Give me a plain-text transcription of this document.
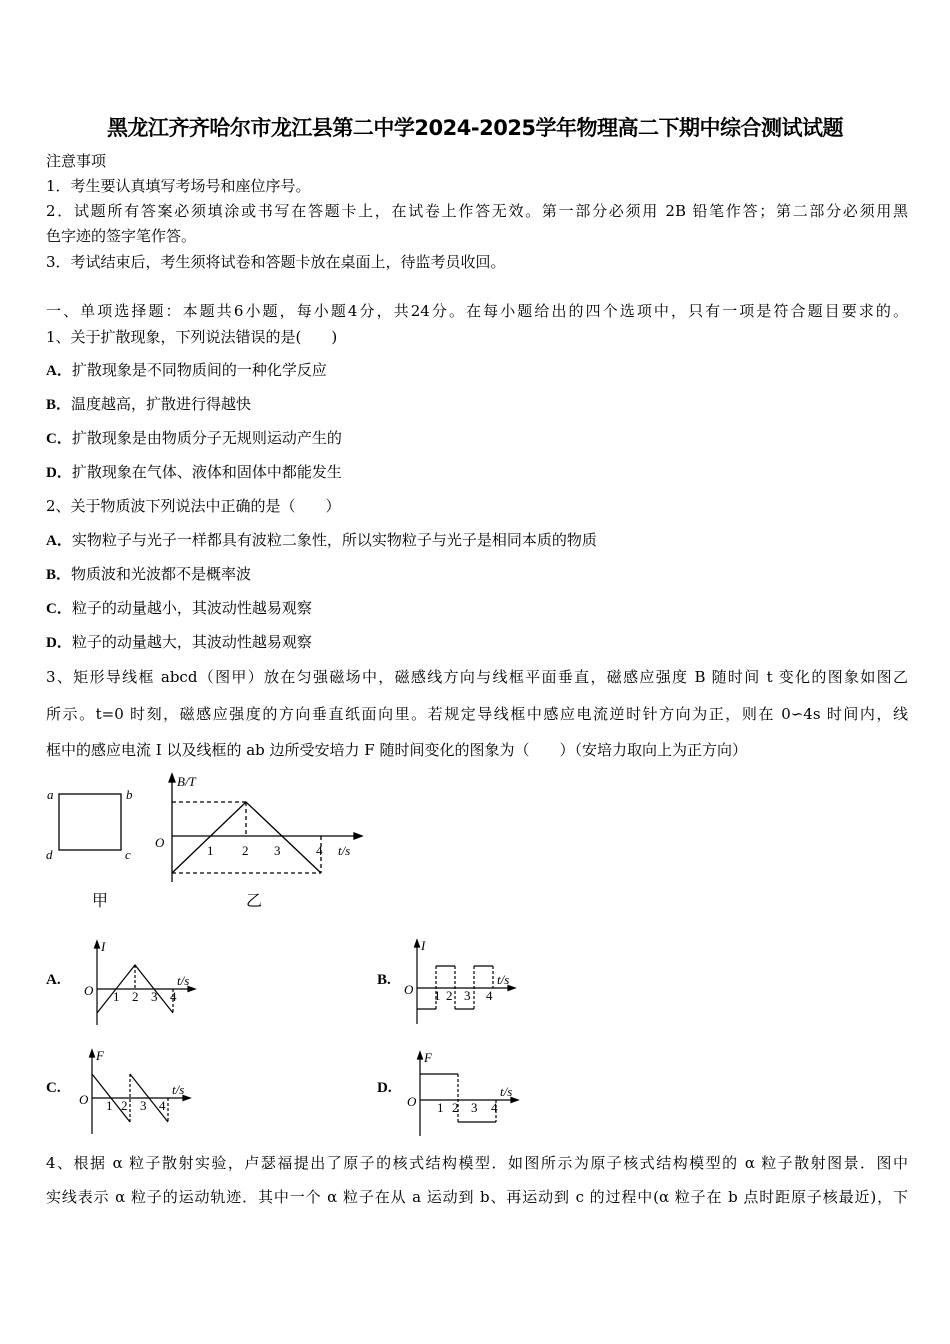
黑龙江齐齐哈尔市龙江县第二中学2024-2025学年物理高二下期中综合测试试题
注意事项
1．考生要认真填写考场号和座位序号。
2．试题所有答案必须填涂或书写在答题卡上，在试卷上作答无效。第一部分必须用 2B 铅笔作答；第二部分必须用黑
色字迹的签字笔作答。
3．考试结束后，考生须将试卷和答题卡放在桌面上，待监考员收回。
一、单项选择题：本题共6小题，每小题4分，共24分。在每小题给出的四个选项中，只有一项是符合题目要求的。
1、关于扩散现象，下列说法错误的是(　　)
A．扩散现象是不同物质间的一种化学反应
B．温度越高，扩散进行得越快
C．扩散现象是由物质分子无规则运动产生的
D．扩散现象在气体、液体和固体中都能发生
2、关于物质波下列说法中正确的是（　　）
A．实物粒子与光子一样都具有波粒二象性，所以实物粒子与光子是相同本质的物质
B．物质波和光波都不是概率波
C．粒子的动量越小，其波动性越易观察
D．粒子的动量越大，其波动性越易观察
3、矩形导线框 abcd（图甲）放在匀强磁场中，磁感线方向与线框平面垂直，磁感应强度 B 随时间 t 变化的图象如图乙
所示。t=0 时刻，磁感应强度的方向垂直纸面向里。若规定导线框中感应电流逆时针方向为正，则在 0∽4s 时间内，线
框中的感应电流 I 以及线框的 ab 边所受安培力 F 随时间变化的图象为（　　）（安培力取向上为正方向）
a	b
d	c
甲
B/T
O
1 2 3	4 t/s
乙
A.	B.
C.	D.
I
O 1 2 3 4
t/s
I
O 1 2 3 4
t/s
F
O 1 2 3 4
t/s
F
O 1 2 3 4
t/s
4、根据 α 粒子散射实验，卢瑟福提出了原子的核式结构模型．如图所示为原子核式结构模型的 α 粒子散射图景．图中
实线表示 α 粒子的运动轨迹．其中一个 α 粒子在从 a 运动到 b、再运动到 c 的过程中(α 粒子在 b 点时距原子核最近)，下
